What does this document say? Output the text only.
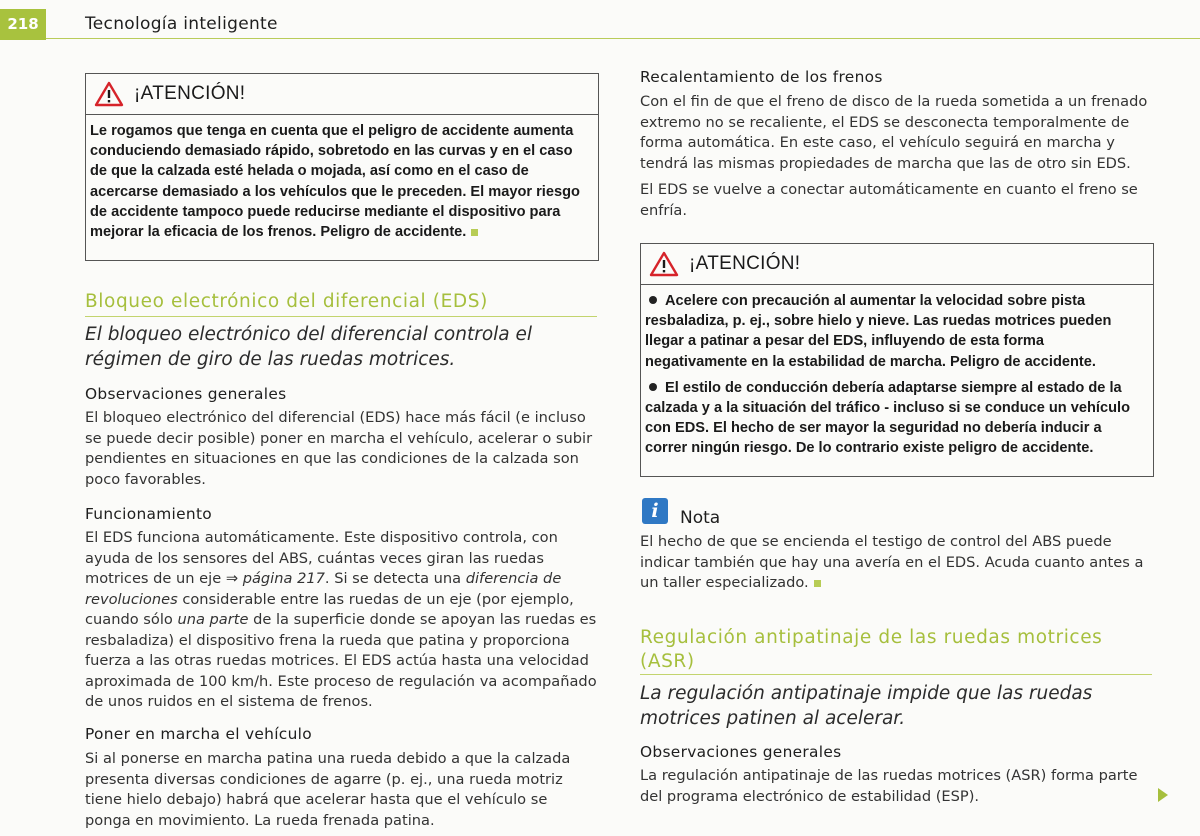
218	Tecnología inteligente
¡ATENCIÓN!
Le rogamos que tenga en cuenta que el peligro de accidente aumenta conduciendo demasiado rápido, sobretodo en las curvas y en el caso de que la calzada esté helada o mojada, así como en el caso de acercarse demasiado a los vehículos que le preceden. El mayor riesgo de accidente tampoco puede reducirse mediante el dispositivo para mejorar la eficacia de los frenos. Peligro de accidente.
Bloqueo electrónico del diferencial (EDS)
El bloqueo electrónico del diferencial controla el régimen de giro de las ruedas motrices.
Observaciones generales
El bloqueo electrónico del diferencial (EDS) hace más fácil (e incluso se puede decir posible) poner en marcha el vehículo, acelerar o subir pendientes en situaciones en que las condiciones de la calzada son poco favorables.
Funcionamiento
El EDS funciona automáticamente. Este dispositivo controla, con ayuda de los sensores del ABS, cuántas veces giran las ruedas motrices de un eje ⇒ página 217. Si se detecta una diferencia de revoluciones considerable entre las ruedas de un eje (por ejemplo, cuando sólo una parte de la superficie donde se apoyan las ruedas es resbaladiza) el dispositivo frena la rueda que patina y proporciona fuerza a las otras ruedas motrices. El EDS actúa hasta una velocidad aproximada de 100 km/h. Este proceso de regulación va acompañado de unos ruidos en el sistema de frenos.
Poner en marcha el vehículo
Si al ponerse en marcha patina una rueda debido a que la calzada presenta diversas condiciones de agarre (p. ej., una rueda motriz tiene hielo debajo) habrá que acelerar hasta que el vehículo se ponga en movimiento. La rueda frenada patina.
Recalentamiento de los frenos
Con el fin de que el freno de disco de la rueda sometida a un frenado extremo no se recaliente, el EDS se desconecta temporalmente de forma automática. En este caso, el vehículo seguirá en marcha y tendrá las mismas propiedades de marcha que las de otro sin EDS.
El EDS se vuelve a conectar automáticamente en cuanto el freno se enfría.
¡ATENCIÓN!

Acelere con precaución al aumentar la velocidad sobre pista resbaladiza, p. ej., sobre hielo y nieve. Las ruedas motrices pueden llegar a patinar a pesar del EDS, influyendo de esta forma negativamente en la estabilidad de marcha. Peligro de accidente.

El estilo de conducción debería adaptarse siempre al estado de la calzada y a la situación del tráfico - incluso si se conduce un vehículo con EDS. El hecho de ser mayor la seguridad no debería inducir a correr ningún riesgo. De lo contrario existe peligro de accidente.

i	Nota
El hecho de que se encienda el testigo de control del ABS puede indicar también que hay una avería en el EDS. Acuda cuanto antes a un taller especializado.
Regulación antipatinaje de las ruedas motrices (ASR)
La regulación antipatinaje impide que las ruedas motrices patinen al acelerar.
Observaciones generales
La regulación antipatinaje de las ruedas motrices (ASR) forma parte del programa electrónico de estabilidad (ESP).
